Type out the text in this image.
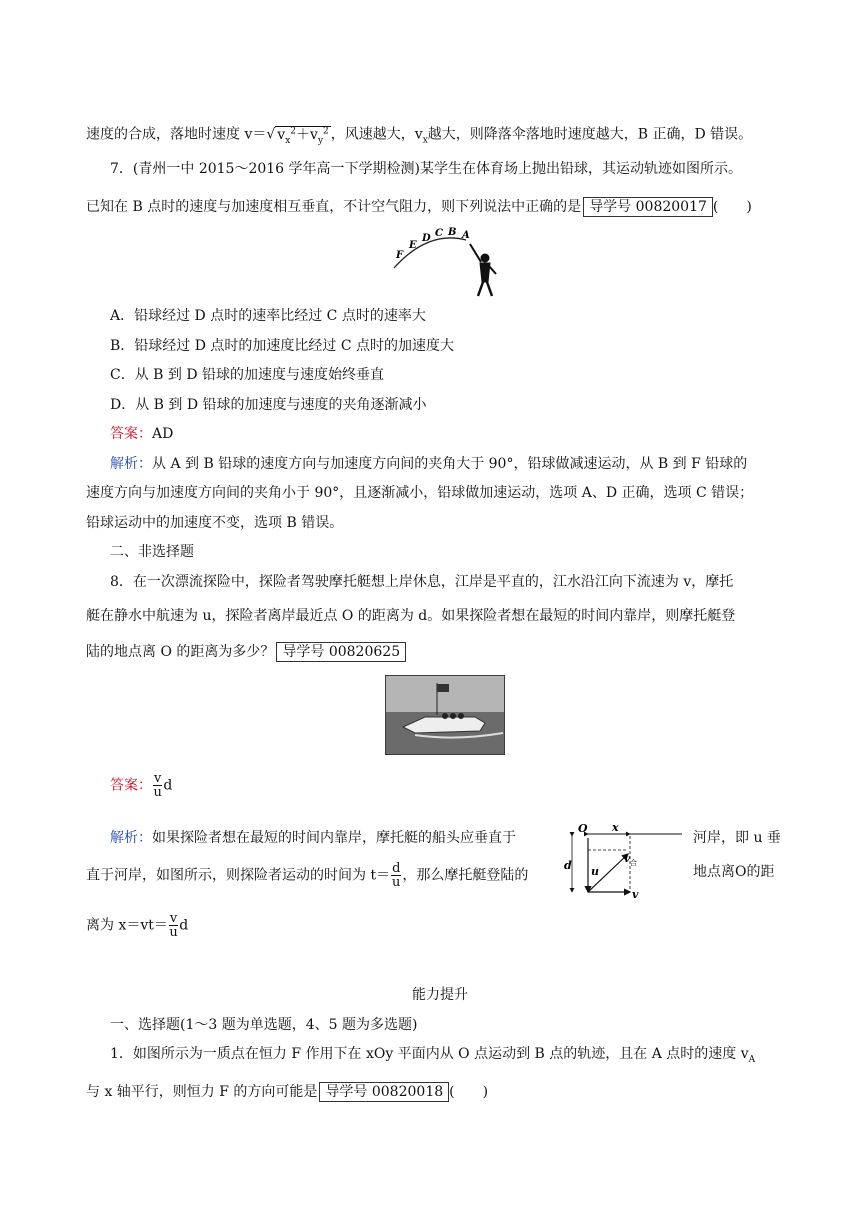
速度的合成，落地时速度 v＝√ $v_x^2+v_y^2$ ，风速越大，$v_x$越大，则降落伞落地时速度越大，B 正确，D 错误。
7．(青州一中 2015～2016 学年高一下学期检测)某学生在体育场上抛出铅球，其运动轨迹如图所示。
已知在 B 点时的速度与加速度相互垂直，不计空气阻力，则下列说法中正确的是 导学号 00820017 (　　)
F
E
D C B A
A．铅球经过 D 点时的速率比经过 C 点时的速率大
B．铅球经过 D 点时的加速度比经过 C 点时的加速度大
C．从 B 到 D 铅球的加速度与速度始终垂直
D．从 B 到 D 铅球的加速度与速度的夹角逐渐减小
答案：AD
解析：从 A 到 B 铅球的速度方向与加速度方向间的夹角大于 90°，铅球做减速运动，从 B 到 F 铅球的
速度方向与加速度方向间的夹角小于 90°，且逐渐减小，铅球做加速运动，选项 A、D 正确，选项 C 错误；
铅球运动中的加速度不变，选项 B 错误。
二、非选择题
8．在一次漂流探险中，探险者驾驶摩托艇想上岸休息，江岸是平直的，江水沿江向下流速为 v，摩托
艇在静水中航速为 u，探险者离岸最近点 O 的距离为 d。如果探险者想在最短的时间内靠岸，则摩托艇登
陆的地点离 O 的距离为多少？ 导学号 00820625
答案： $\frac{v}{u}$ d
解析：如果探险者想在最短的时间内靠岸，摩托艇的船头应垂直于	河岸，即 u 垂
直于河岸，如图所示，则探险者运动的时间为 $t= \frac{d}{u}$ ，那么摩托艇登陆的	地点离O的距
离为 $x=vt= \frac{v}{u}$ d
O x
d u
v 合
v
能力提升
一、选择题(1～3 题为单选题，4、5 题为多选题)
1．如图所示为一质点在恒力 F 作用下在 xOy 平面内从 O 点运动到 B 点的轨迹，且在 A 点时的速度 $v_A$
与 x 轴平行，则恒力 F 的方向可能是 导学号 00820018 (　　)
